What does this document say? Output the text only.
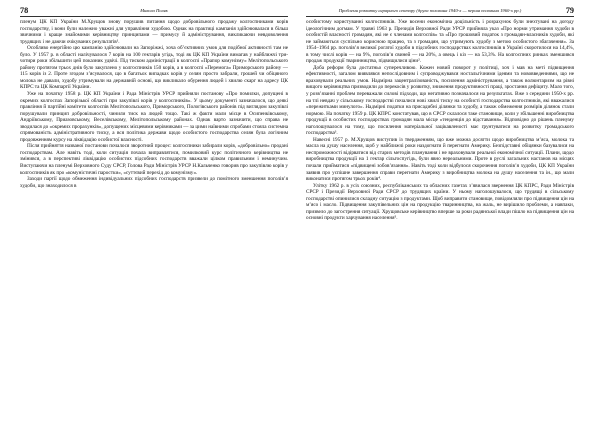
78	Микола Поляк

пленум ЦК КП України М.Хрущов знову порушив питання щодо добровільного продажу колгоспниками корів господарству, і вони були належно уважні для управління худобою. Однак на практиці кампанія здійснювалася в більш звичними і краще знайомими керівництву принципами — примусу й адміністрування, викликаючи невдоволення трудящих і не даючи очікуваних результатів¹.

Особливо енергійно цю кампанію здійснювали на Запоріжжі, хоча об’єктивних умов для подібної активності там не було. У 1957 р. в області налічувалося 7 корів на 100 гектарів угідь, тоді як ЦК КП України вимагав у найближчі три-чотири роки збільшити цей показник удвічі. Під тиском адміністрації в колгоспі «Прапор комунізму» Мелітопольського району протягом трьох днів було закуплено у колгоспників 150 корів, а в колгоспі «Перемога» Приморського району — 115 корів із 2. Проте згодом з’ясувалося, що в багатьох випадках корів у селян просто забрали, грошей чи обіцяного молока не давали, худобу утримували на державній основі, що викликало обурення людей і хвилю скарг на адресу ЦК КПРС та ЦК Компартії України.

Уже на початку 1958 р. ЦК КП України і Рада Міністрів УРСР прийняли постанову «Про помилки, допущені в окремих колгоспах Запорізької області при закупівлі корів у колгоспників». У цьому документі зазначалося, що деякі правління й партійні комітети колгоспів Мелітопольського, Приморського, Пологівського районів під виглядом закупівлі порушували принцип добровільності, чинили тиск на людей тощо. Такі ж факти мали місце в Осипенківському, Андріївському, Приазовському, Веселівському, Мелітопольському районах. Однак варто зазначити, що справа не зводилася до «окремих прорахунків», допущених місцевими керівниками — за цими наївними спробами стояла системна спрямованість адміністративного тиску, а вся політика держави щодо особистого господарства селян була логічним продовженням курсу на ліквідацію особистої власності.

Після прийняття названої постанови почалося зворотний процес: колгоспники забирали корів, «добровільно» продані господарствам. Але навіть тоді, коли ситуація почала виправлятися, помилковий курс політичного керівництва не змінився, а в перспективі ліквідацію особистих підсобних господарств вважали цілком правильним і неминучим. Виступаючи на пленумі Верховного Суду СРСР, Голова Ради Міністрів УРСР Н.Кальченко говорив про закупівлю корів у колгоспників як про «комуністичні паростки», «суттєвий перехід до комунізму».

Заходи партії щодо обмеження індивідуальних підсобних господарств призвели до помітного зменшення поголів’я худоби, що знаходилося в

Проблеми розвитку аграрного сектору (друга половина 1940-х — перша половина 1960-х рр.)	79

особистому користуванні колгоспників. Уже восени економічна доцільність і розрахунок були знехтувані на догоду ідеологічним догмам. У травні 1963 р. Президія Верховної Ради УРСР прийняла указ «Про норми утримання худоби в особистій власності громадян, які не є членами колгоспів» та «Про грошовий податок з громадян-власників худоби, які не займаються суспільно корисною працею, та з громадян, що утримують худобу з метою особистого збагачення». За 1954–1964 рр. поголів’я великої рогатої худоби в підсобних господарствах колгоспників в Україні скоротилося на 14,4%, в тому числі корів — на 9%, поголів’я свиней — на 20%, а овець і кіз — на 53,3%. На колгоспних ринках зменшився продаж продукції тваринництва, підвищилися ціни².

Доба реформ була достатньо суперечливою. Кожен новий поворот у політиці, хоч і мав на меті підвищення ефективності, загалом виявлявся непослідовним і супроводжувався ностальгічними ідеями та нововведеннями, що не враховували реальних умов. Надмірна зацентралізованість, посилення адміністрування, а також волюнтаризм на рівні вищого керівництва призводили до перекосів у розвитку, зниження продуктивності праці, зростання дефіциту. Мало того, у розв’язанні проблем переважали силові підходи, що негативно позначалося на результатах. Вже з середини 1950-х рр. на тлі невдач у сільському господарстві почалися нові хвилі тиску на особисті господарства колгоспників, які вважалися «пережитками минулого». Надмірні податки на присадибні ділянки та худобу, а також обмеження розмірів ділянок стали нормою. На початку 1959 р. ЦК КПРС констатував, що в СРСР склалося таке становище, коли у збільшенні виробництва продукції в особистих господарствах громадян мала місце «тенденція до відставання». Відповідно до рішень пленуму наголошувалося на тому, що посилення матеріальної зацікавленості має ґрунтуватися на розвитку громадського господарства³.

Навесні 1957 р. М.Хрущов виступив із твердженням, що вже можна досягти щодо виробництва м’яса, молока та масла на душу населення, щоб у найближчі роки наздогнати й перегнати Америку. Безпідставні обіцянки базувалися на неспроможності відірватися від старих методів планування і не враховували реальної економічної ситуації. Плани, щодо виробництва продукції на 1 гектар сільгоспугідь, були явно нереальними. Проте в руслі загальних настанов на місцях почали прийматися «підвищені зобов’язання». Навіть тоді коли відбулося скорочення поголів’я худоби, ЦК КП України заявив про успішне завершення справи перегнати Америку з виробництва молока на душу населення та ін., що мали виконатися протягом трьох років⁴.

Улітку 1962 р. в усіх союзних, республіканських та обласних газетах з’явилася звернення ЦК КПРС, Ради Міністрів СРСР і Президії Верховної Ради СРСР до трудящих країни. У ньому наголошувалося, що трудящі в сільському господарстві опинилися складну ситуацію з продуктами. Щоб виправити становище, повідомляли про підвищення цін на м’ясо і масло. Підвищення закупівельних цін на продукцію тваринництва, на жаль, не вирішило проблеми, а навпаки, призвело до загострення ситуації. Хрущовське керівництво вперше за роки радянської влади пішло на підвищення цін на основні продукти харчування населення⁵.
